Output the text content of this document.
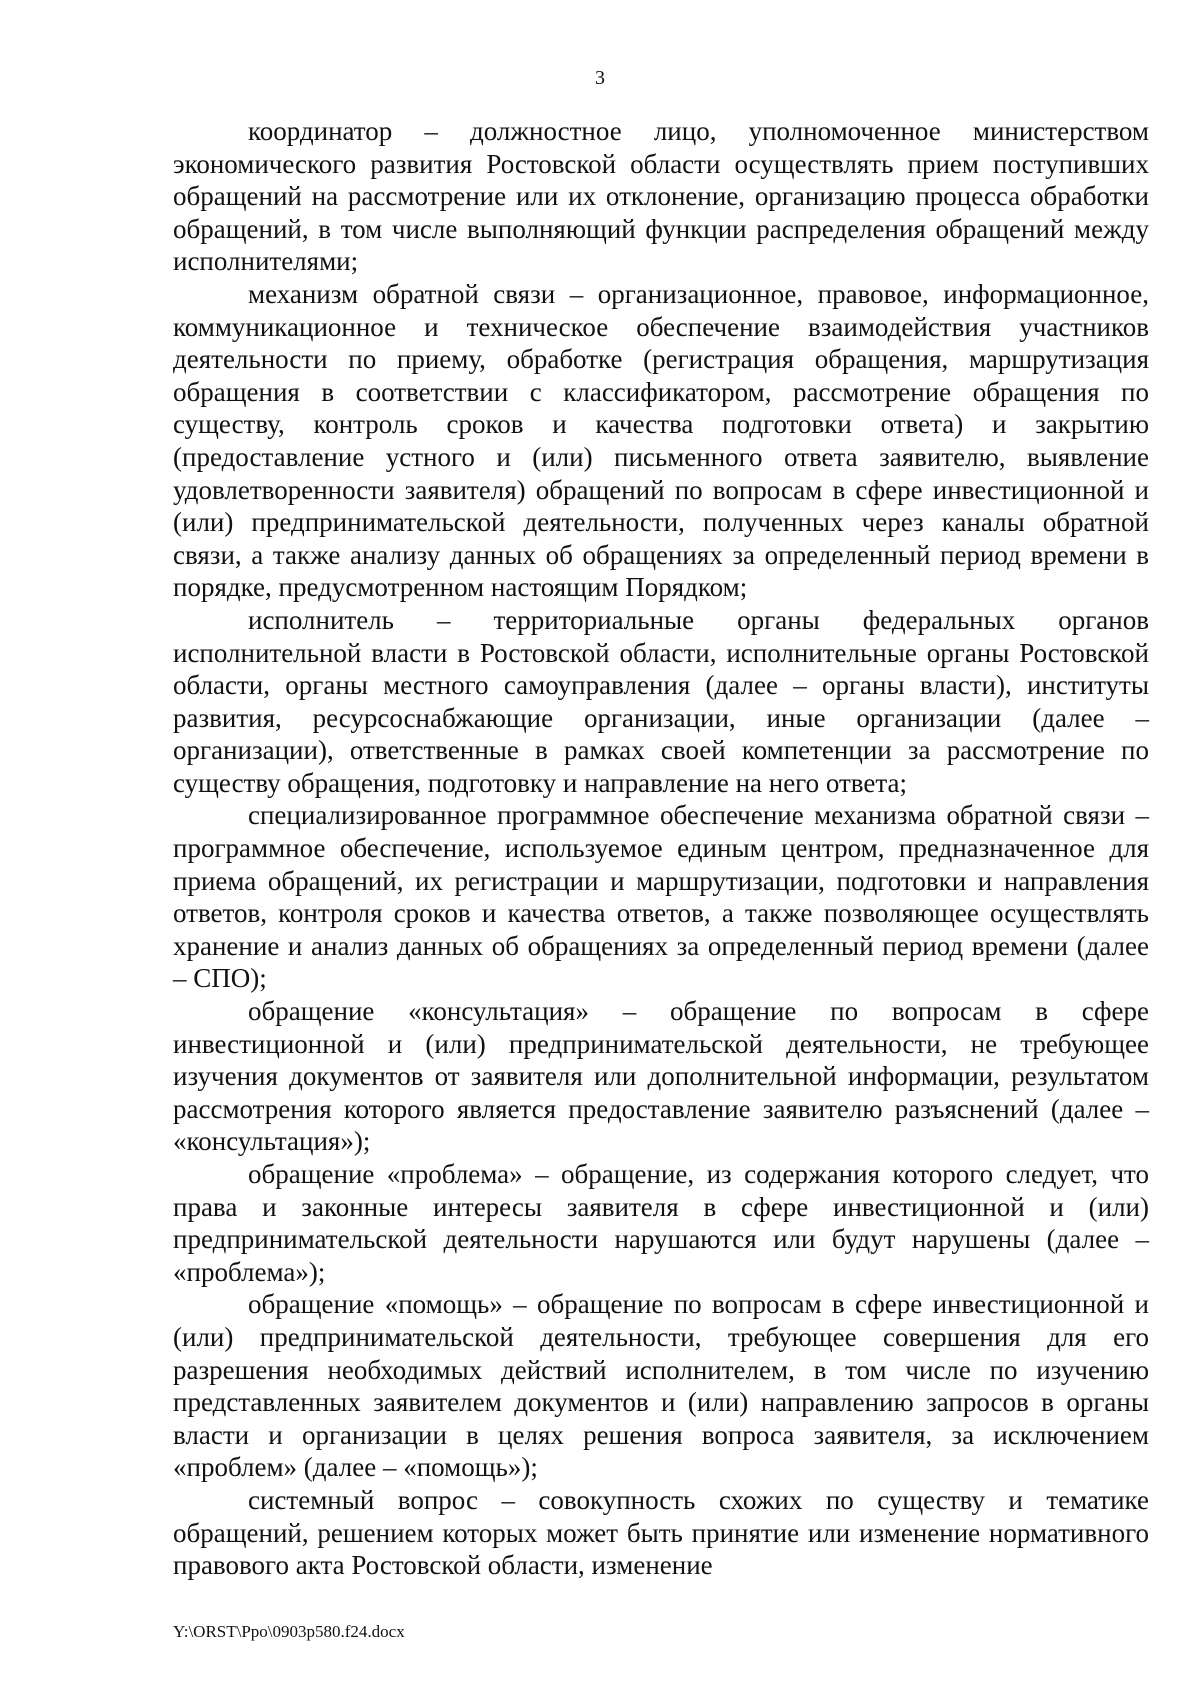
3

координатор – должностное лицо, уполномоченное министерством экономического развития Ростовской области осуществлять прием поступивших обращений на рассмотрение или их отклонение, организацию процесса обработки обращений, в том числе выполняющий функции распределения обращений между исполнителями;

механизм обратной связи – организационное, правовое, информационное, коммуникационное и техническое обеспечение взаимодействия участников деятельности по приему, обработке (регистрация обращения, маршрутизация обращения в соответствии с классификатором, рассмотрение обращения по существу, контроль сроков и качества подготовки ответа) и закрытию (предоставление устного и (или) письменного ответа заявителю, выявление удовлетворенности заявителя) обращений по вопросам в сфере инвестиционной и (или) предпринимательской деятельности, полученных через каналы обратной связи, а также анализу данных об обращениях за определенный период времени в порядке, предусмотренном настоящим Порядком;

исполнитель – территориальные органы федеральных органов исполнительной власти в Ростовской области, исполнительные органы Ростовской области, органы местного самоуправления (далее – органы власти), институты развития, ресурсоснабжающие организации, иные организации (далее – организации), ответственные в рамках своей компетенции за рассмотрение по существу обращения, подготовку и направление на него ответа;

специализированное программное обеспечение механизма обратной связи – программное обеспечение, используемое единым центром, предназначенное для приема обращений, их регистрации и маршрутизации, подготовки и направления ответов, контроля сроков и качества ответов, а также позволяющее осуществлять хранение и анализ данных об обращениях за определенный период времени (далее – СПО);

обращение «консультация» – обращение по вопросам в сфере инвестиционной и (или) предпринимательской деятельности, не требующее изучения документов от заявителя или дополнительной информации, результатом рассмотрения которого является предоставление заявителю разъяснений (далее – «консультация»);

обращение «проблема» – обращение, из содержания которого следует, что права и законные интересы заявителя в сфере инвестиционной и (или) предпринимательской деятельности нарушаются или будут нарушены (далее – «проблема»);

обращение «помощь» – обращение по вопросам в сфере инвестиционной и (или) предпринимательской деятельности, требующее совершения для его разрешения необходимых действий исполнителем, в том числе по изучению представленных заявителем документов и (или) направлению запросов в органы власти и организации в целях решения вопроса заявителя, за исключением «проблем» (далее – «помощь»);

системный вопрос – совокупность схожих по существу и тематике обращений, решением которых может быть принятие или изменение нормативного правового акта Ростовской области, изменение

Y:\ORST\Ppo\0903p580.f24.docx
